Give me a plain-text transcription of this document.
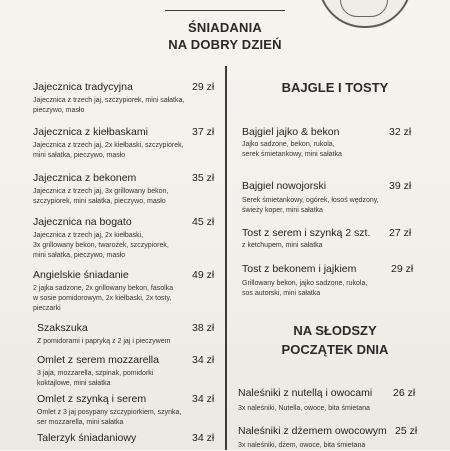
ŚNIADANIA
NA DOBRY DZIEŃ
Jajecznica tradycyjna	29 zł
Jajecznica z trzech jaj, szczypiorek, mini sałatka,
pieczywo, masło
Jajecznica z kiełbaskami	37 zł
Jajecznica z trzech jaj, 2x kiełbaski, szczypiorek,
mini sałatka, pieczywo, masło
Jajecznica z bekonem	35 zł
Jajecznica z trzech jaj, 3x grillowany bekon,
szczypiorek, mini sałatka, pieczywo, masło
Jajecznica na bogato	45 zł
Jajecznica z trzech jaj, 2x kiełbaski,
3x grillowany bekon, twarożek, szczypiorek,
mini sałatka, pieczywo, masło
Angielskie śniadanie	49 zł
2 jajka sadzone, 2x grillowany bekon, fasolka
w sosie pomidorowym, 2x kiełbaski, 2x tosty,
pieczarki
Szakszuka	38 zł
Z pomidorami i papryką z 2 jaj i pieczywem
Omlet z serem mozzarella	34 zł
3 jaja, mozzarella, szpinak, pomidorki
koktajlowe, mini sałatka
Omlet z szynką i serem	34 zł
Omlet z 3 jaj posypany szczypiorkiem, szynka,
ser mozzarella, mini sałatka
Talerzyk śniadaniowy	34 zł
BAJGLE I TOSTY
Bajgiel jajko & bekon	32 zł
Jajko sadzone, bekon, rukola,
serek śmietankowy, mini sałatka
Bajgiel nowojorski	39 zł
Serek śmietankowy, ogórek, łosoś wędzony,
świeży koper, mini sałatka
Tost z serem i szynką 2 szt. 27 zł
z ketchupem, mini sałatka
Tost z bekonem i jajkiem	29 zł
Grillowany bekon, jajko sadzone, rukola,
sos autorski, mini sałatka
NA SŁODSZY
POCZĄTEK DNIA
Naleśniki z nutellą i owocami 26 zł
3x naleśniki, Nutella, owoce, bita śmietana
Naleśniki z dżemem owocowym 25 zł
3x naleśniki, dżem, owoce, bita śmietana
